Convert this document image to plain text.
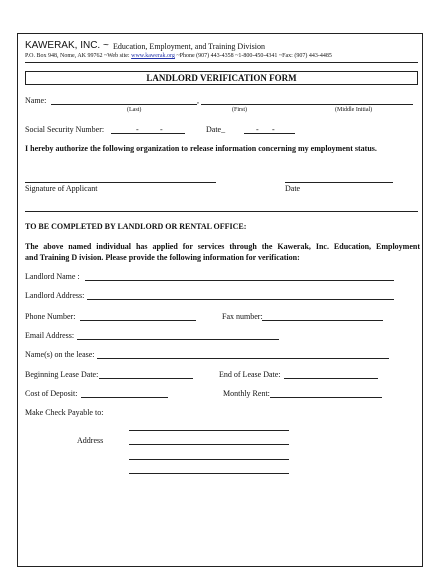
KAWERAK, INC. ~ Education, Employment, and Training Division
P.O. Box 948, Nome, AK 99762 ~Web site: www.kawerak.org ~Phone (907) 443-4358 ~1-800-450-4341 ~Fax: (907) 443-4485
LANDLORD VERIFICATION FORM
Name:	,
(Last)	(First)	(Middle Initial)
Social Security Number:	-	-	Date_	- -
I hereby authorize the following organization to release information concerning my employment status.
Signature of Applicant	Date
TO BE COMPLETED BY LANDLORD OR RENTAL OFFICE:
The above named individual has applied for services through the Kawerak, Inc. Education, Employment
and Training D ivision. Please provide the following information for verification:
Landlord Name :
Landlord Address:
Phone Number:	Fax number:
Email Address:
Name(s) on the lease:
Beginning Lease Date:	End of Lease Date:
Cost of Deposit:	Monthly Rent:
Make Check Payable to:
Address
